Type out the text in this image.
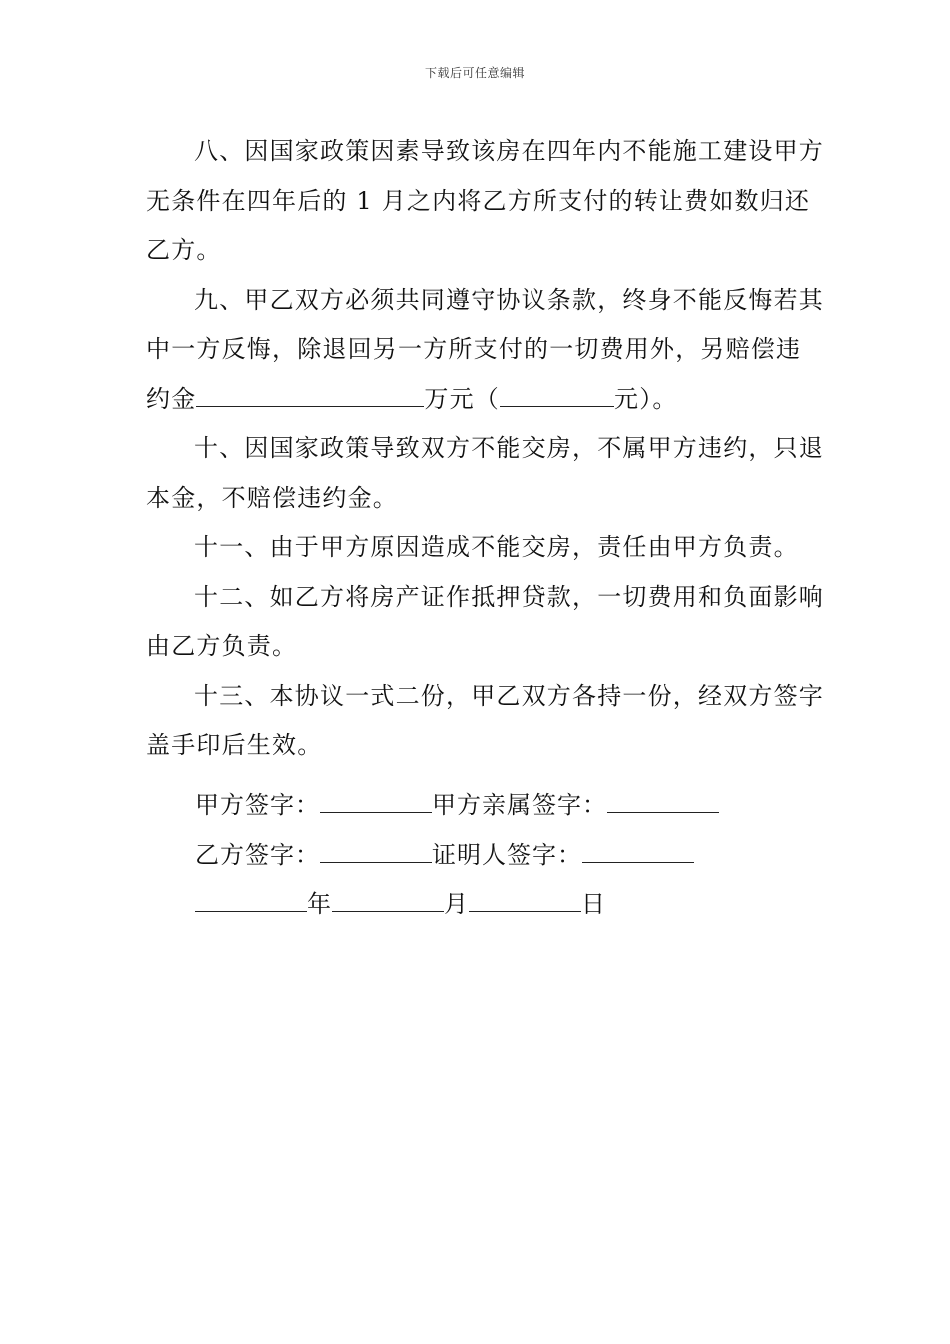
下载后可任意编辑

八、因国家政策因素导致该房在四年内不能施工建设甲方无条件在四年后的 1 月之内将乙方所支付的转让费如数归还乙方。

九、甲乙双方必须共同遵守协议条款，终身不能反悔若其中一方反悔，除退回另一方所支付的一切费用外，另赔偿违约金	万元（	元）。

十、因国家政策导致双方不能交房，不属甲方违约，只退本金，不赔偿违约金。

十一、由于甲方原因造成不能交房，责任由甲方负责。

十二、如乙方将房产证作抵押贷款，一切费用和负面影响由乙方负责。

十三、本协议一式二份，甲乙双方各持一份，经双方签字盖手印后生效。

甲方签字：	甲方亲属签字：
乙方签字：	证明人签字：
年	月	日
